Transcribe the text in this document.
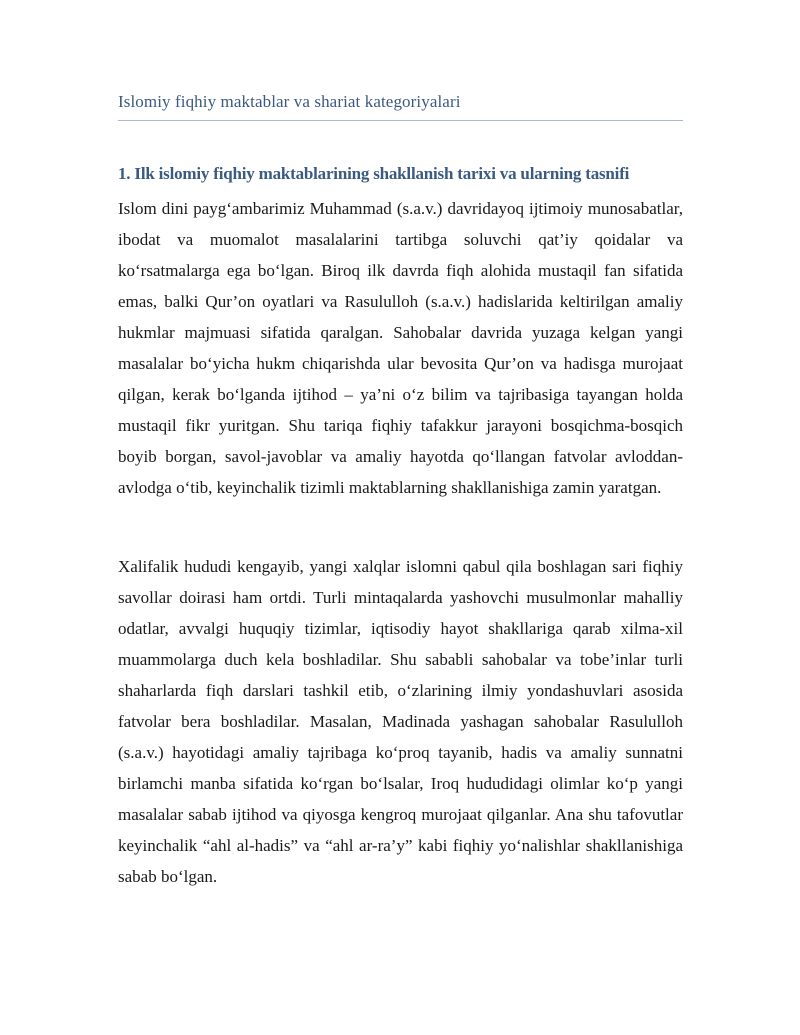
Islomiy fiqhiy maktablar va shariat kategoriyalari
1. Ilk islomiy fiqhiy maktablarining shakllanish tarixi va ularning tasnifi

Islom dini payg‘ambarimiz Muhammad (s.a.v.) davridayoq ijtimoiy munosabatlar, ibodat va muomalot masalalarini tartibga soluvchi qat’iy qoidalar va ko‘rsatmalarga ega bo‘lgan. Biroq ilk davrda fiqh alohida mustaqil fan sifatida emas, balki Qur’on oyatlari va Rasululloh (s.a.v.) hadislarida keltirilgan amaliy hukmlar majmuasi sifatida qaralgan. Sahobalar davrida yuzaga kelgan yangi masalalar bo‘yicha hukm chiqarishda ular bevosita Qur’on va hadisga murojaat qilgan, kerak bo‘lganda ijtihod – ya’ni o‘z bilim va tajribasiga tayangan holda mustaqil fikr yuritgan. Shu tariqa fiqhiy tafakkur jarayoni bosqichma-bosqich boyib borgan, savol-javoblar va amaliy hayotda qo‘llangan fatvolar avloddan-avlodga o‘tib, keyinchalik tizimli maktablarning shakllanishiga zamin yaratgan.

Xalifalik hududi kengayib, yangi xalqlar islomni qabul qila boshlagan sari fiqhiy savollar doirasi ham ortdi. Turli mintaqalarda yashovchi musulmonlar mahalliy odatlar, avvalgi huquqiy tizimlar, iqtisodiy hayot shakllariga qarab xilma-xil muammolarga duch kela boshladilar. Shu sababli sahobalar va tobe’inlar turli shaharlarda fiqh darslari tashkil etib, o‘zlarining ilmiy yondashuvlari asosida fatvolar bera boshladilar. Masalan, Madinada yashagan sahobalar Rasululloh (s.a.v.) hayotidagi amaliy tajribaga ko‘proq tayanib, hadis va amaliy sunnatni birlamchi manba sifatida ko‘rgan bo‘lsalar, Iroq hududidagi olimlar ko‘p yangi masalalar sabab ijtihod va qiyosga kengroq murojaat qilganlar. Ana shu tafovutlar keyinchalik “ahl al-hadis” va “ahl ar-ra’y” kabi fiqhiy yo‘nalishlar shakllanishiga sabab bo‘lgan.
